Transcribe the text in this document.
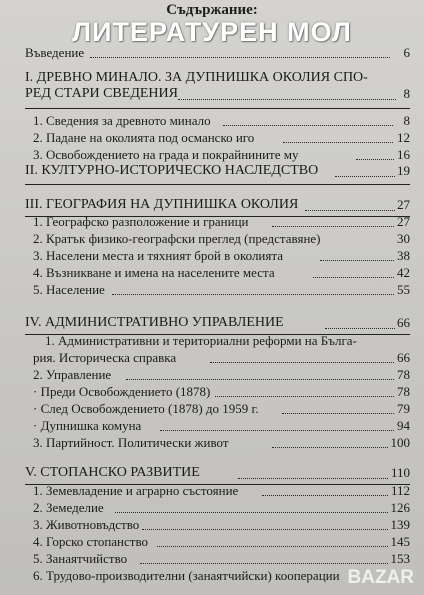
Съдържание:
Въведение	6
І. ДРЕВНО МИНАЛО. ЗА ДУПНИШКА ОКОЛИЯ СПО-
РЕД СТАРИ СВЕДЕНИЯ	8
1. Сведения за древното минало	8
2. Падане на околията под османско иго	12
3. Освобождението на града и покрайнините му	16
ІІ. КУЛТУРНО-ИСТОРИЧЕСКО НАСЛЕДСТВО	19
ІІІ. ГЕОГРАФИЯ НА ДУПНИШКА ОКОЛИЯ	27
1. Географско разположение и граници	27
2. Кратък физико-географски преглед (представяне)	30
3. Населени места и тяхният брой в околията	38
4. Възникване и имена на населените места	42
5. Население	55
ІV. АДМИНИСТРАТИВНО УПРАВЛЕНИЕ	66
1. Административни и териториални реформи на Бълга-
рия. Историческа справка	66
2. Управление	78
· Преди Освобождението (1878)	78
· След Освобождението (1878) до 1959 г.	79
· Дупнишка комуна	94
3. Партийност. Политически живот	100
V. СТОПАНСКО РАЗВИТИЕ	110
1. Земевладение и аграрно състояние	112
2. Земеделие	126
3. Животновъдство	139
4. Горско стопанство	145
5. Занаятчийство	153
6. Трудово-производителни (занаятчийски) кооперации
ЛИТЕРАТУРЕН МОЛ
BAZAR
